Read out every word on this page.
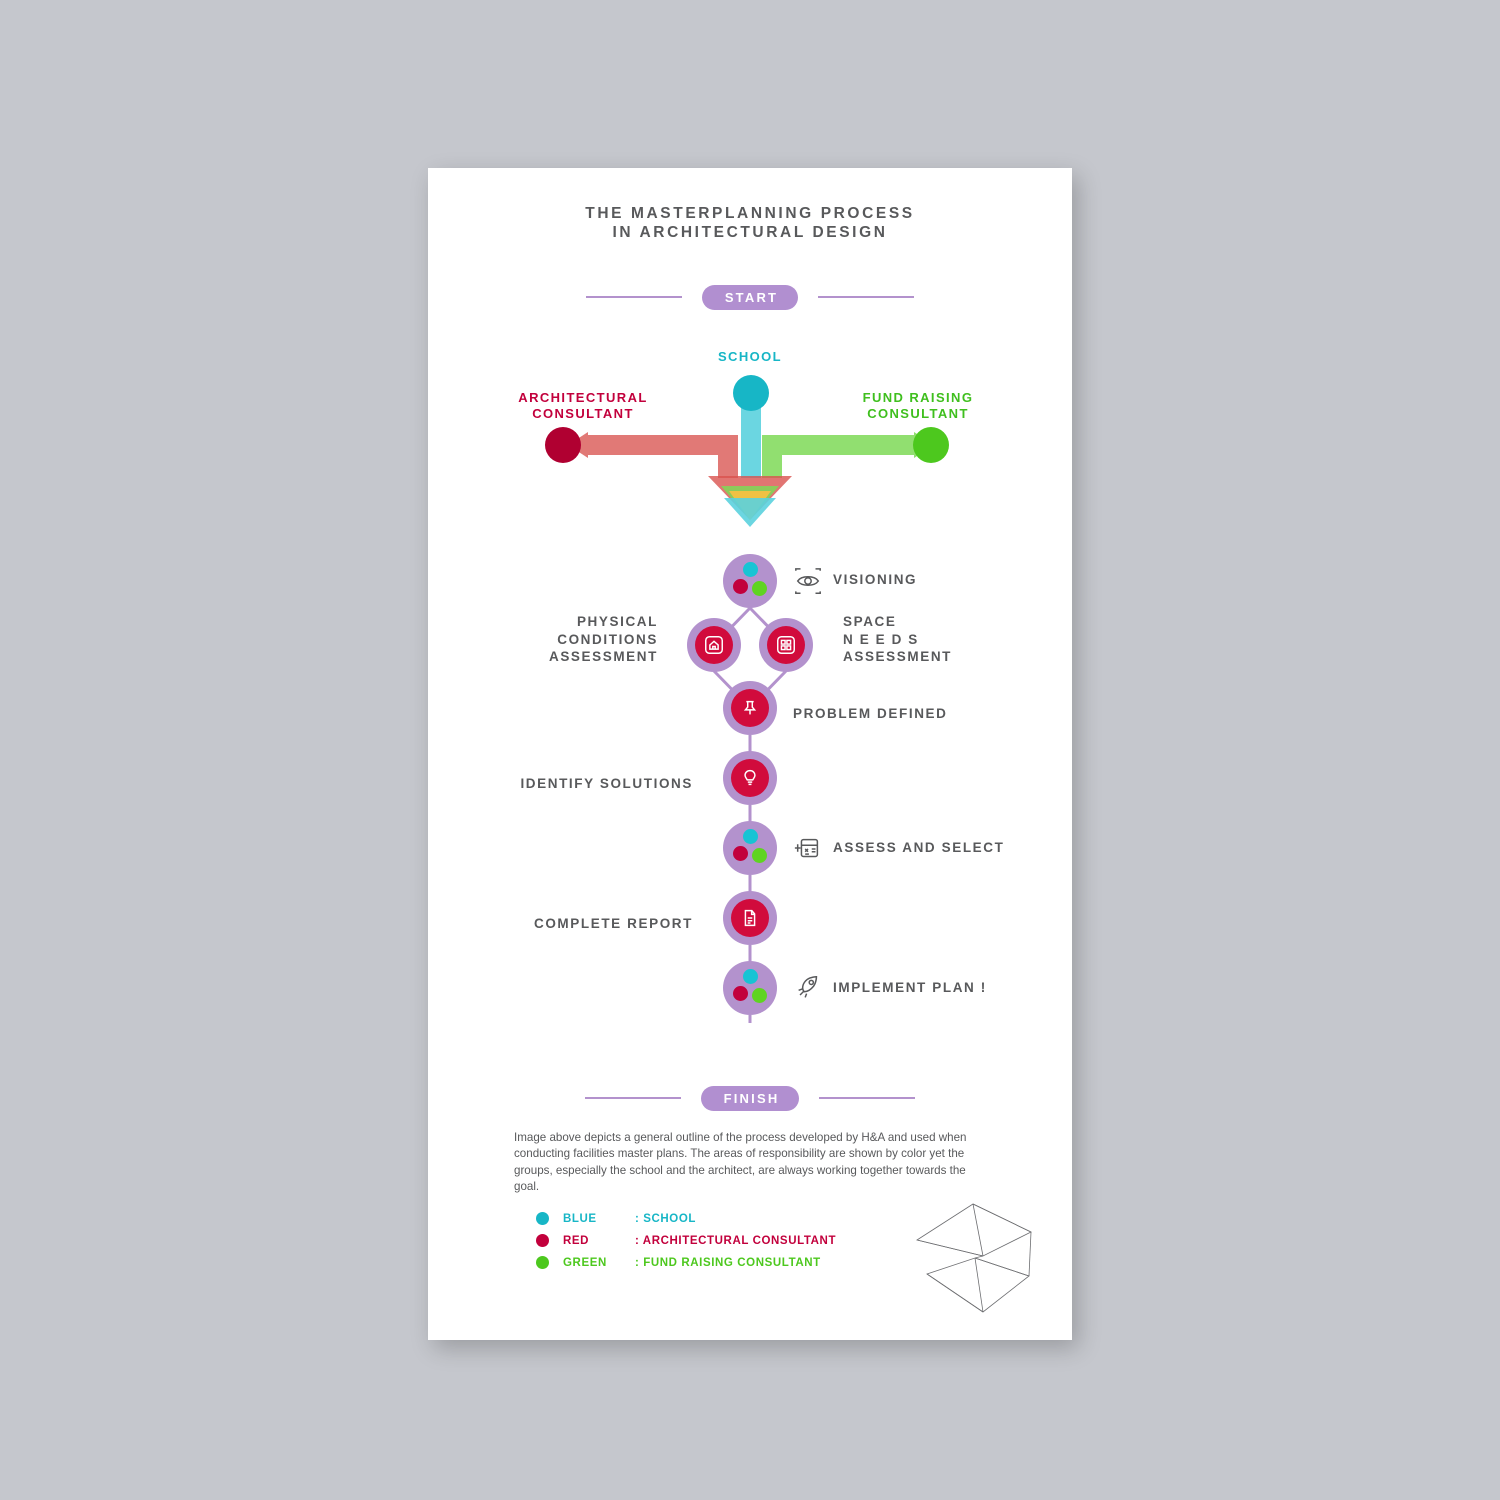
THE MASTERPLANNING PROCESS
IN ARCHITECTURAL DESIGN
START
SCHOOL
ARCHITECTURAL
CONSULTANT
FUND RAISING
CONSULTANT
VISIONING
PHYSICAL
CONDITIONS
ASSESSMENT
SPACE
N E E D S
ASSESSMENT
PROBLEM DEFINED
IDENTIFY SOLUTIONS
ASSESS AND SELECT
COMPLETE REPORT
IMPLEMENT PLAN !
FINISH
Image above depicts a general outline of the process developed by H&A and used when conducting facilities master plans. The areas of responsibility are shown by color yet the groups, especially the school and the architect, are always working together towards the goal.
BLUE	: SCHOOL
RED	: ARCHITECTURAL CONSULTANT
GREEN	: FUND RAISING CONSULTANT
